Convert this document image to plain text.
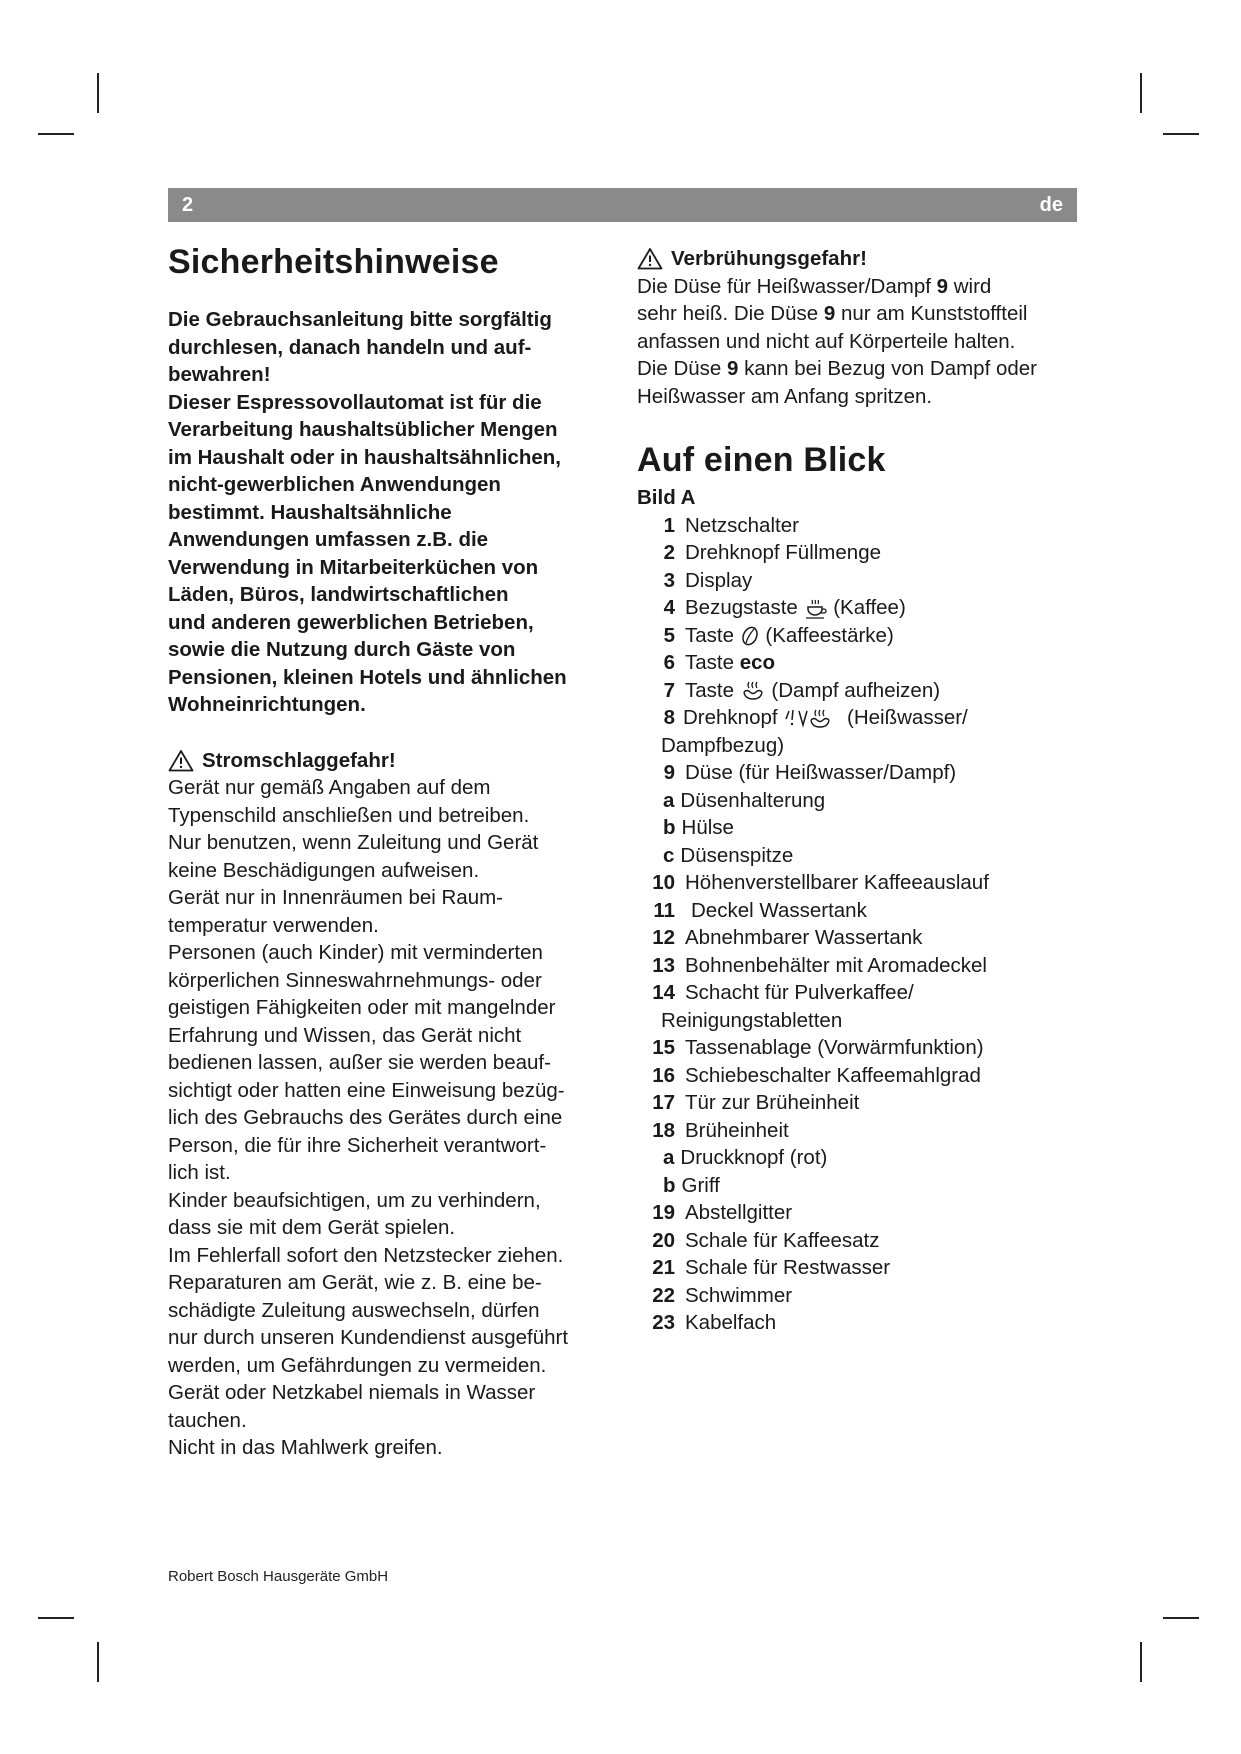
2	de
Sicherheitshinweise
Die Gebrauchsanleitung bitte sorgfältig
durchlesen, danach handeln und auf-
bewahren!
Dieser Espressovollautomat ist für die
Verarbeitung haushaltsüblicher Mengen
im Haushalt oder in haushaltsähnlichen,
nicht-gewerblichen Anwendungen
bestimmt. Haushaltsähnliche
Anwendungen umfassen z.B. die
Verwendung in Mitarbeiterküchen von
Läden, Büros, landwirtschaftlichen
und anderen gewerblichen Betrieben,
sowie die Nutzung durch Gäste von
Pensionen, kleinen Hotels und ähnlichen
Wohneinrichtungen.
Stromschlaggefahr!
Gerät nur gemäß Angaben auf dem
Typenschild anschließen und betreiben.
Nur benutzen, wenn Zuleitung und Gerät
keine Beschädigungen aufweisen.
Gerät nur in Innenräumen bei Raum-
temperatur verwenden.
Personen (auch Kinder) mit verminderten
körperlichen Sinneswahrnehmungs- oder
geistigen Fähigkeiten oder mit mangelnder
Erfahrung und Wissen, das Gerät nicht
bedienen lassen, außer sie werden beauf-
sichtigt oder hatten eine Einweisung bezüg-
lich des Gebrauchs des Gerätes durch eine
Person, die für ihre Sicherheit verantwort-
lich ist.
Kinder beaufsichtigen, um zu verhindern,
dass sie mit dem Gerät spielen.
Im Fehlerfall sofort den Netzstecker ziehen.
Reparaturen am Gerät, wie z. B. eine be-
schädigte Zuleitung auswechseln, dürfen
nur durch unseren Kundendienst ausgeführt
werden, um Gefährdungen zu vermeiden.
Gerät oder Netzkabel niemals in Wasser
tauchen.
Nicht in das Mahlwerk greifen.
Verbrühungsgefahr!
Die Düse für Heißwasser/Dampf 9 wird
sehr heiß. Die Düse 9 nur am Kunststoffteil
anfassen und nicht auf Körperteile halten.
Die Düse 9 kann bei Bezug von Dampf oder
Heißwasser am Anfang spritzen.
Auf einen Blick
Bild A
1 Netzschalter
2 Drehknopf Füllmenge
3 Display
4 Bezugstaste (Kaffee)
5 Taste (Kaffeestärke)
6 Taste eco
7 Taste (Dampf aufheizen)
8 Drehknopf	(Heißwasser/
Dampfbezug)
9 Düse (für Heißwasser/Dampf)
a Düsenhalterung
b Hülse
c Düsenspitze
10 Höhenverstellbarer Kaffeeauslauf
11 Deckel Wassertank
12 Abnehmbarer Wassertank
13 Bohnenbehälter mit Aromadeckel
14 Schacht für Pulverkaffee/
Reinigungstabletten
15 Tassenablage (Vorwärmfunktion)
16 Schiebeschalter Kaffeemahlgrad
17 Tür zur Brüheinheit
18 Brüheinheit
a Druckknopf (rot)
b Griff
19 Abstellgitter
20 Schale für Kaffeesatz
21 Schale für Restwasser
22 Schwimmer
23 Kabelfach
Robert Bosch Hausgeräte GmbH
